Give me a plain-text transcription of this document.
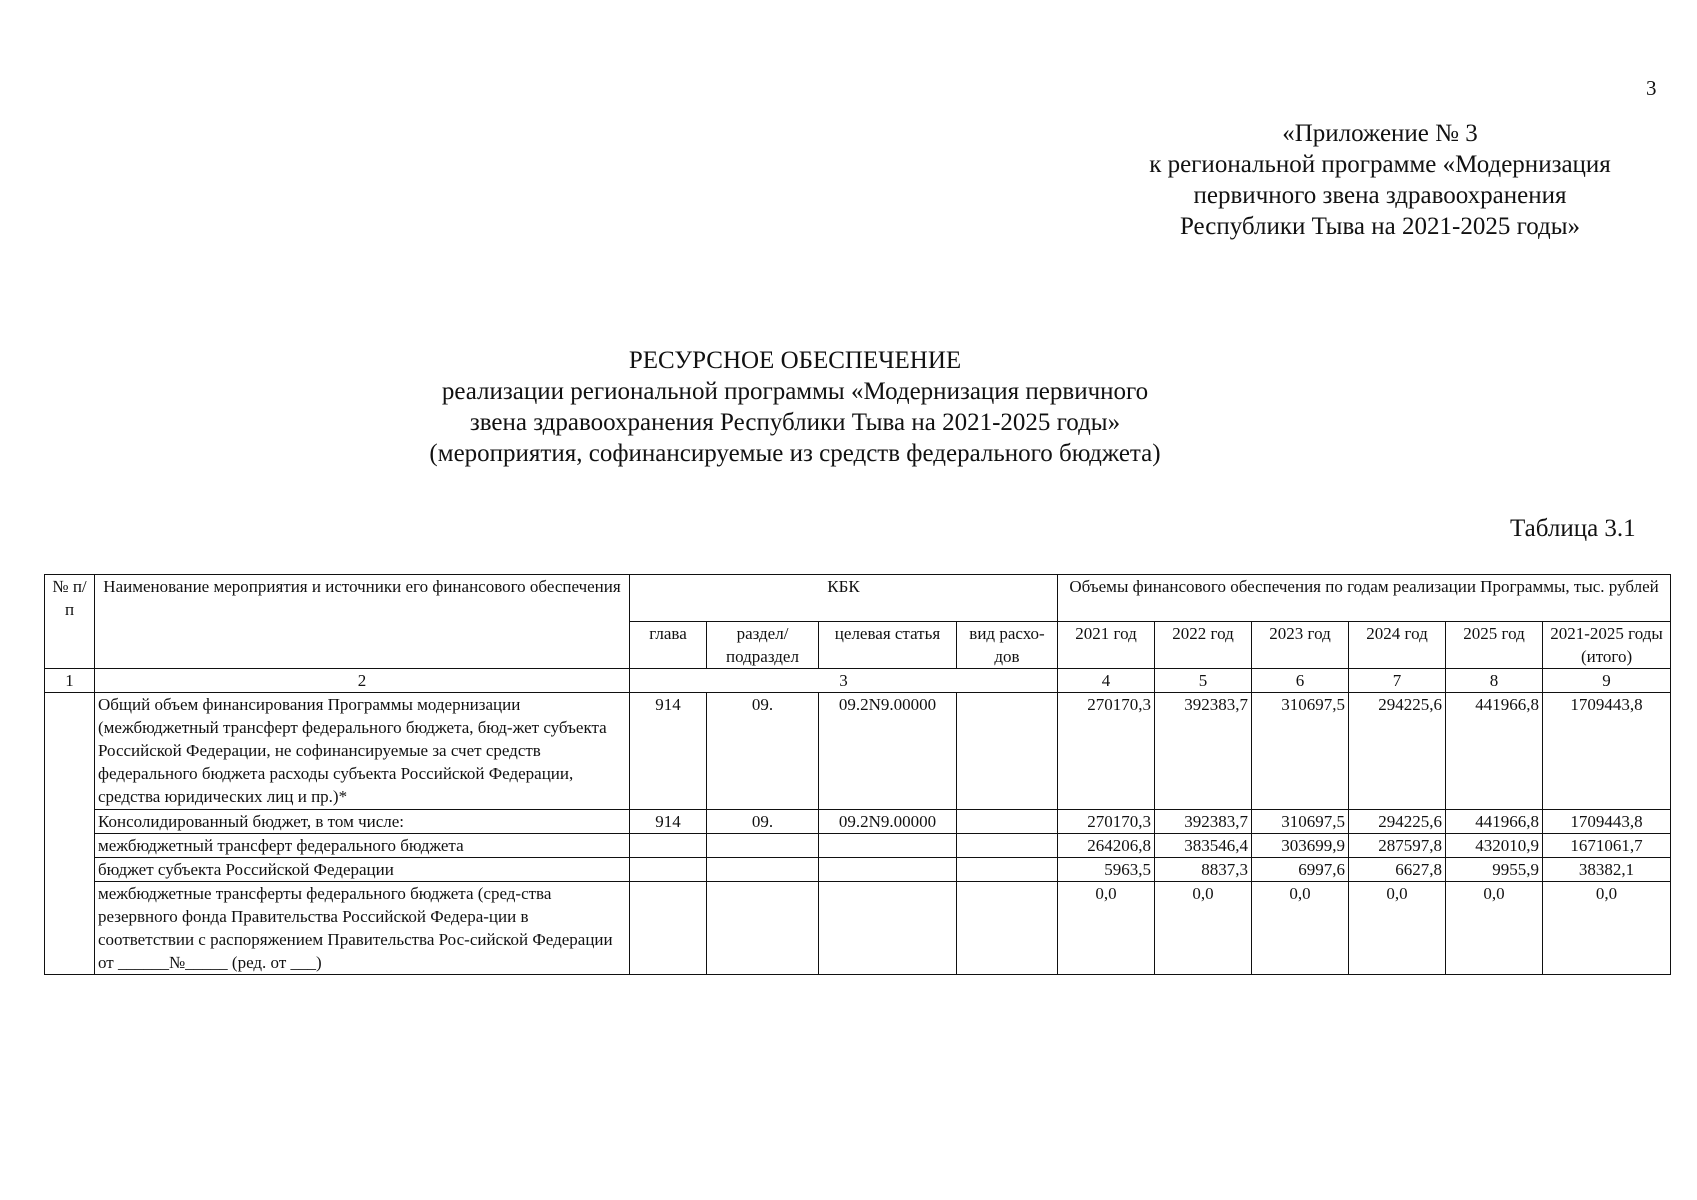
3
«Приложение № 3
к региональной программе «Модернизация
первичного звена здравоохранения
Республики Тыва на 2021-2025 годы»
РЕСУРСНОЕ ОБЕСПЕЧЕНИЕ
реализации региональной программы «Модернизация первичного
звена здравоохранения Республики Тыва на 2021-2025 годы»
(мероприятия, софинансируемые из средств федерального бюджета)
Таблица 3.1
№ п/п	Наименование мероприятия и источники его финансового обеспечения	КБК				Объемы финансового обеспечения по годам реализации Программы, тыс. рублей					
		глава	раздел/ подраздел	целевая статья	вид расхо- дов	2021 год	2022 год	2023 год	2024 год	2025 год	2021-2025 годы (итого)
1	2	3				4	5	6	7	8	9
	Общий объем финансирования Программы модернизации (межбюджетный трансферт федерального бюджета, бюд-жет субъекта Российской Федерации, не софинансируемые за счет средств федерального бюджета расходы субъекта Российской Федерации, средства юридических лиц и пр.)*	914	09.	09.2N9.00000		270170,3	392383,7	310697,5	294225,6	441966,8	1709443,8
	Консолидированный бюджет, в том числе:	914	09.	09.2N9.00000		270170,3	392383,7	310697,5	294225,6	441966,8	1709443,8
	межбюджетный трансферт федерального бюджета					264206,8	383546,4	303699,9	287597,8	432010,9	1671061,7
	бюджет субъекта Российской Федерации					5963,5	8837,3	6997,6	6627,8	9955,9	38382,1
	межбюджетные трансферты федерального бюджета (сред-ства резервного фонда Правительства Российской Федера-ции в соответствии с распоряжением Правительства Рос-сийской Федерации от ______№_____ (ред. от ___)					0,0	0,0	0,0	0,0	0,0	0,0
